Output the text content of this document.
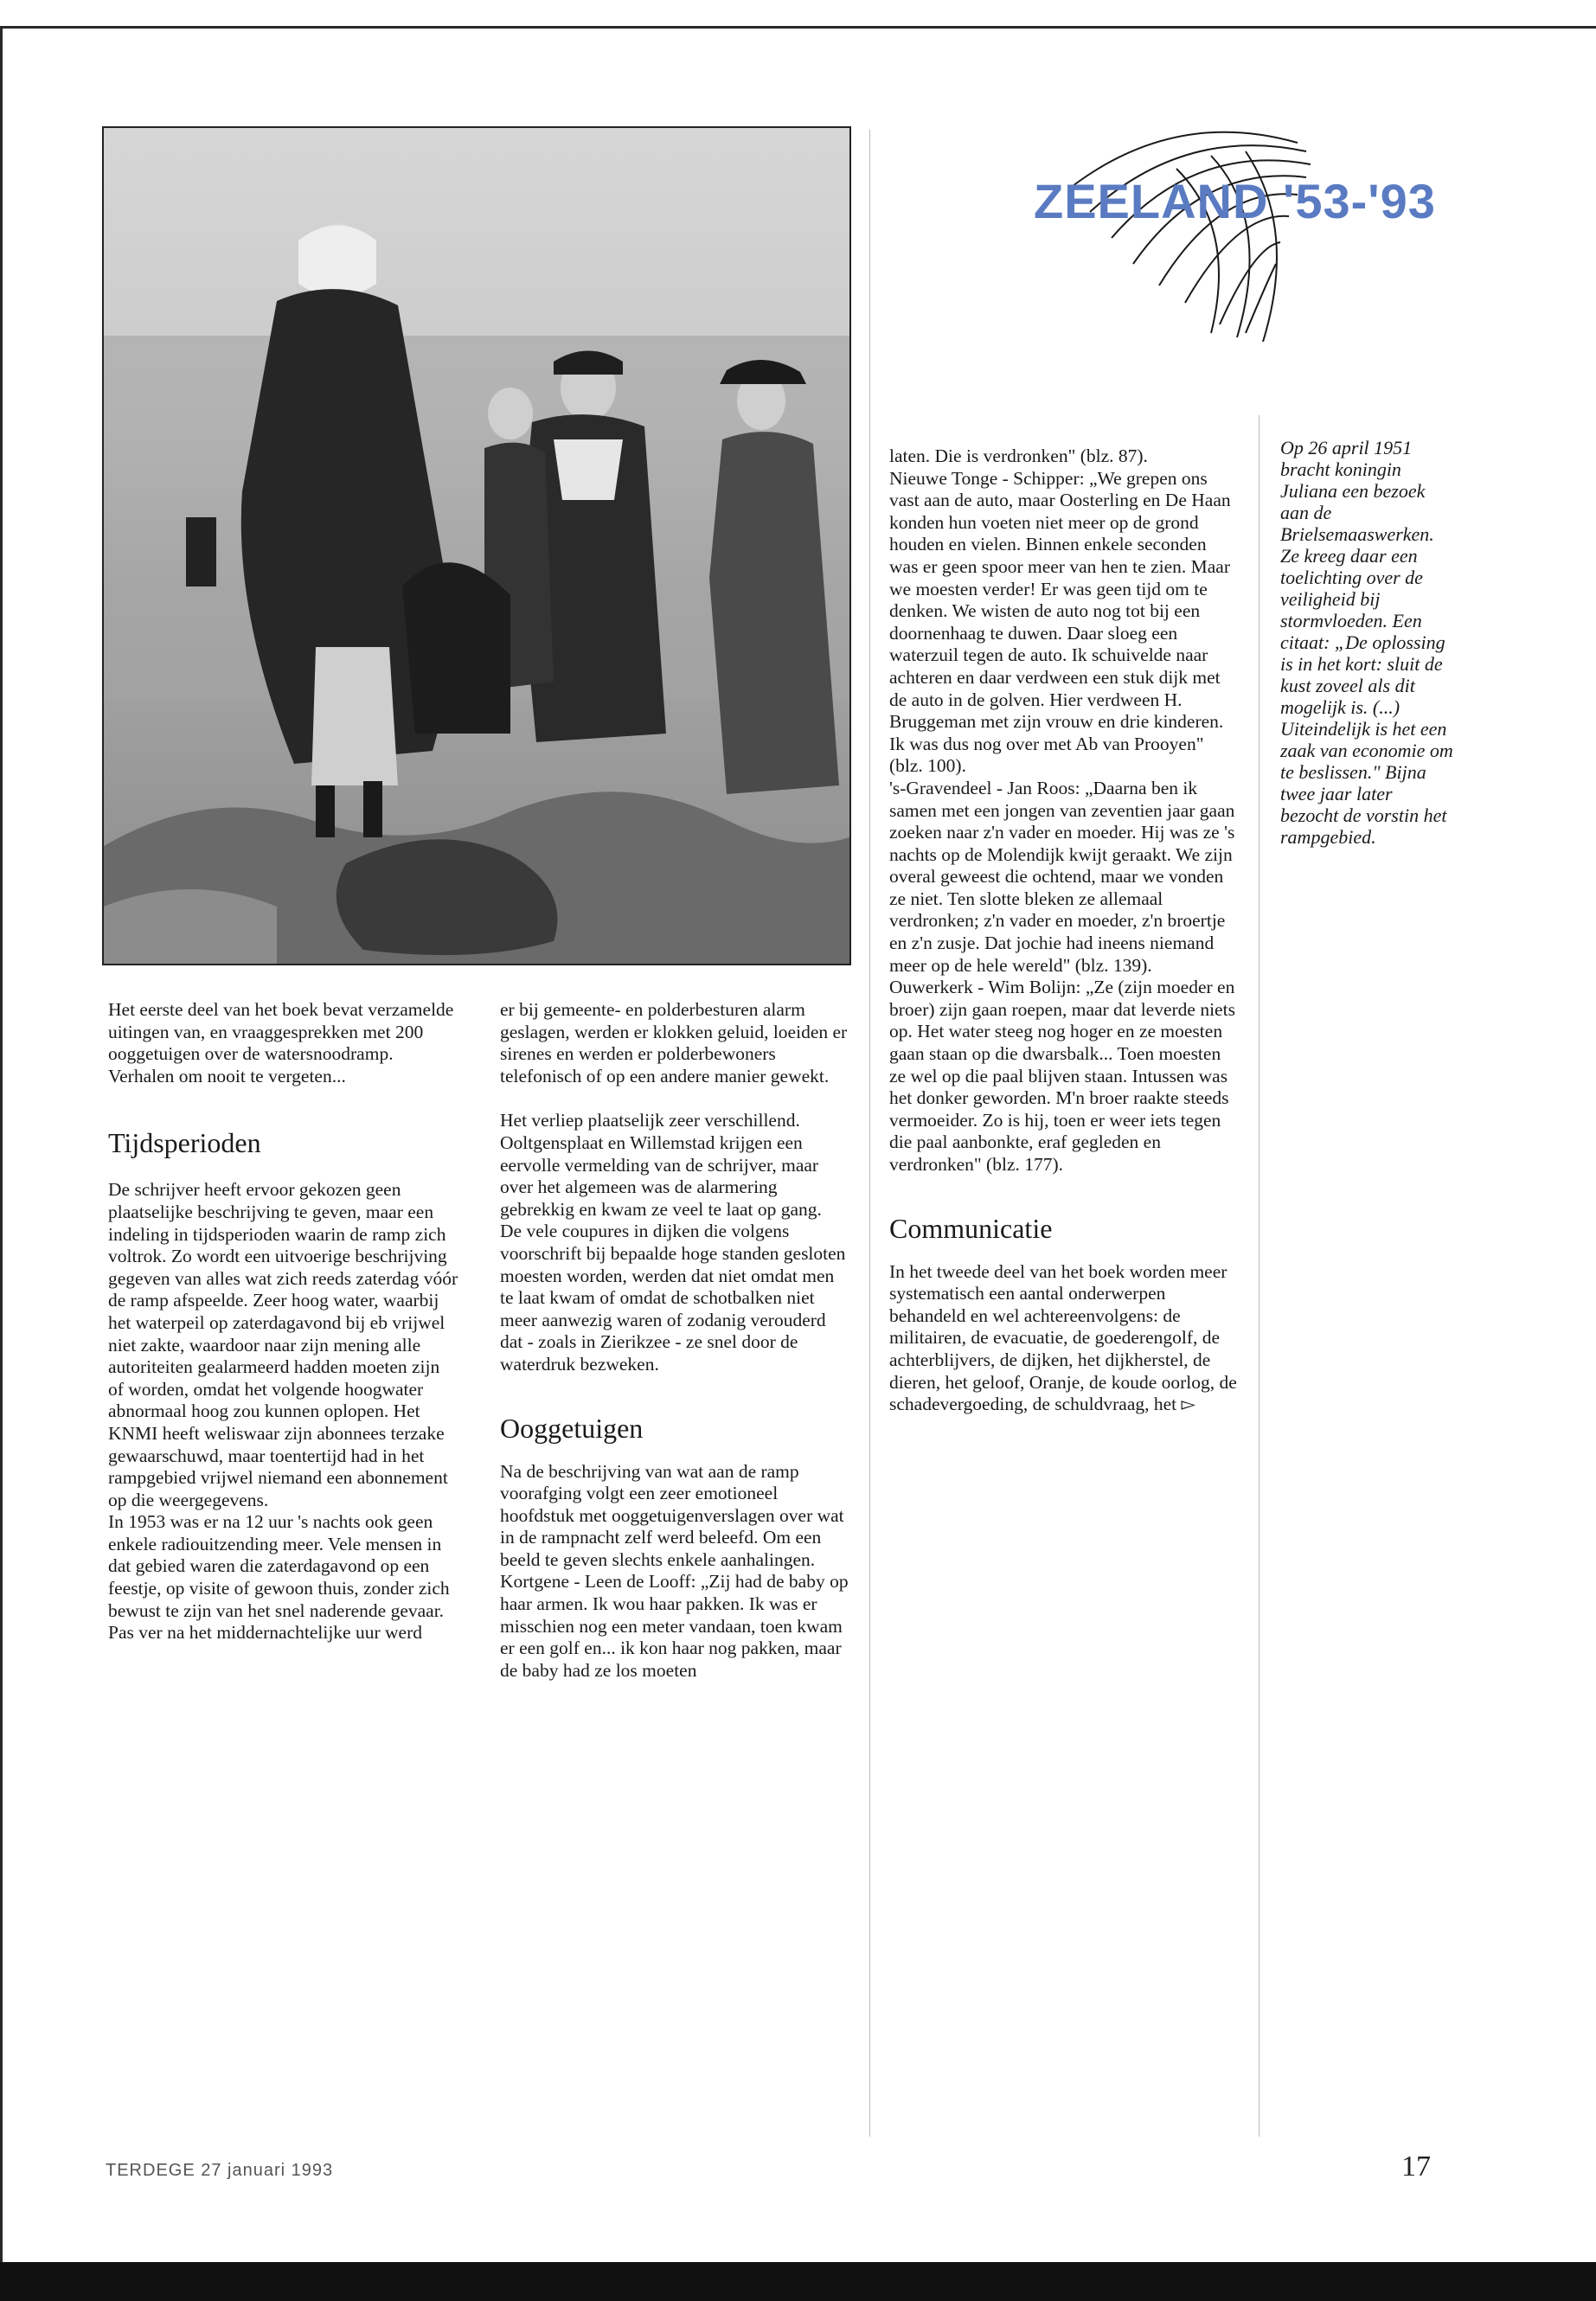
ZEELAND '53-'93

Het eerste deel van het boek bevat verzamelde uitingen van, en vraaggesprekken met 200 ooggetuigen over de watersnoodramp. Verhalen om nooit te vergeten...

Tijdsperioden

De schrijver heeft ervoor gekozen geen plaatselijke beschrijving te geven, maar een indeling in tijdsperioden waarin de ramp zich voltrok. Zo wordt een uitvoerige beschrijving gegeven van alles wat zich reeds zaterdag vóór de ramp afspeelde. Zeer hoog water, waarbij het waterpeil op zaterdagavond bij eb vrijwel niet zakte, waardoor naar zijn mening alle autoriteiten gealarmeerd hadden moeten zijn of worden, omdat het volgende hoogwater abnormaal hoog zou kunnen oplopen. Het KNMI heeft weliswaar zijn abonnees terzake gewaarschuwd, maar toentertijd had in het rampgebied vrijwel niemand een abonnement op die weergegevens.

In 1953 was er na 12 uur 's nachts ook geen enkele radiouitzending meer. Vele mensen in dat gebied waren die zaterdagavond op een feestje, op visite of gewoon thuis, zonder zich bewust te zijn van het snel naderende gevaar. Pas ver na het middernachtelijke uur werd

er bij gemeente- en polderbesturen alarm geslagen, werden er klokken geluid, loeiden er sirenes en werden er polderbewoners telefonisch of op een andere manier gewekt.

Het verliep plaatselijk zeer verschillend. Ooltgensplaat en Willemstad krijgen een eervolle vermelding van de schrijver, maar over het algemeen was de alarmering gebrekkig en kwam ze veel te laat op gang.

De vele coupures in dijken die volgens voorschrift bij bepaalde hoge standen gesloten moesten worden, werden dat niet omdat men te laat kwam of omdat de schotbalken niet meer aanwezig waren of zodanig verouderd dat - zoals in Zierikzee - ze snel door de waterdruk bezweken.

Ooggetuigen

Na de beschrijving van wat aan de ramp voorafging volgt een zeer emotioneel hoofdstuk met ooggetuigenverslagen over wat in de rampnacht zelf werd beleefd. Om een beeld te geven slechts enkele aanhalingen. Kortgene - Leen de Looff: „Zij had de baby op haar armen. Ik wou haar pakken. Ik was er misschien nog een meter vandaan, toen kwam er een golf en... ik kon haar nog pakken, maar de baby had ze los moeten

laten. Die is verdronken" (blz. 87).

Nieuwe Tonge - Schipper: „We grepen ons vast aan de auto, maar Oosterling en De Haan konden hun voeten niet meer op de grond houden en vielen. Binnen enkele seconden was er geen spoor meer van hen te zien. Maar we moesten verder! Er was geen tijd om te denken. We wisten de auto nog tot bij een doornenhaag te duwen. Daar sloeg een waterzuil tegen de auto. Ik schuivelde naar achteren en daar verdween een stuk dijk met de auto in de golven. Hier verdween H. Bruggeman met zijn vrouw en drie kinderen. Ik was dus nog over met Ab van Prooyen" (blz. 100).

's-Gravendeel - Jan Roos: „Daarna ben ik samen met een jongen van zeventien jaar gaan zoeken naar z'n vader en moeder. Hij was ze 's nachts op de Molendijk kwijt geraakt. We zijn overal geweest die ochtend, maar we vonden ze niet. Ten slotte bleken ze allemaal verdronken; z'n vader en moeder, z'n broertje en z'n zusje. Dat jochie had ineens niemand meer op de hele wereld" (blz. 139).

Ouwerkerk - Wim Bolijn: „Ze (zijn moeder en broer) zijn gaan roepen, maar dat leverde niets op. Het water steeg nog hoger en ze moesten gaan staan op die dwarsbalk... Toen moesten ze wel op die paal blijven staan. Intussen was het donker geworden. M'n broer raakte steeds vermoeider. Zo is hij, toen er weer iets tegen die paal aanbonkte, eraf gegleden en verdronken" (blz. 177).

Communicatie

In het tweede deel van het boek worden meer systematisch een aantal onderwerpen behandeld en wel achtereenvolgens: de militairen, de evacuatie, de goederengolf, de achterblijvers, de dijken, het dijkherstel, de dieren, het geloof, Oranje, de koude oorlog, de schadevergoeding, de schuldvraag, het ▻

Op 26 april 1951 bracht koningin Juliana een bezoek aan de Brielsemaaswerken. Ze kreeg daar een toelichting over de veiligheid bij stormvloeden. Een citaat: „De oplossing is in het kort: sluit de kust zoveel als dit mogelijk is. (...) Uiteindelijk is het een zaak van economie om te beslissen." Bijna twee jaar later bezocht de vorstin het rampgebied.

TERDEGE 27 januari 1993	17
